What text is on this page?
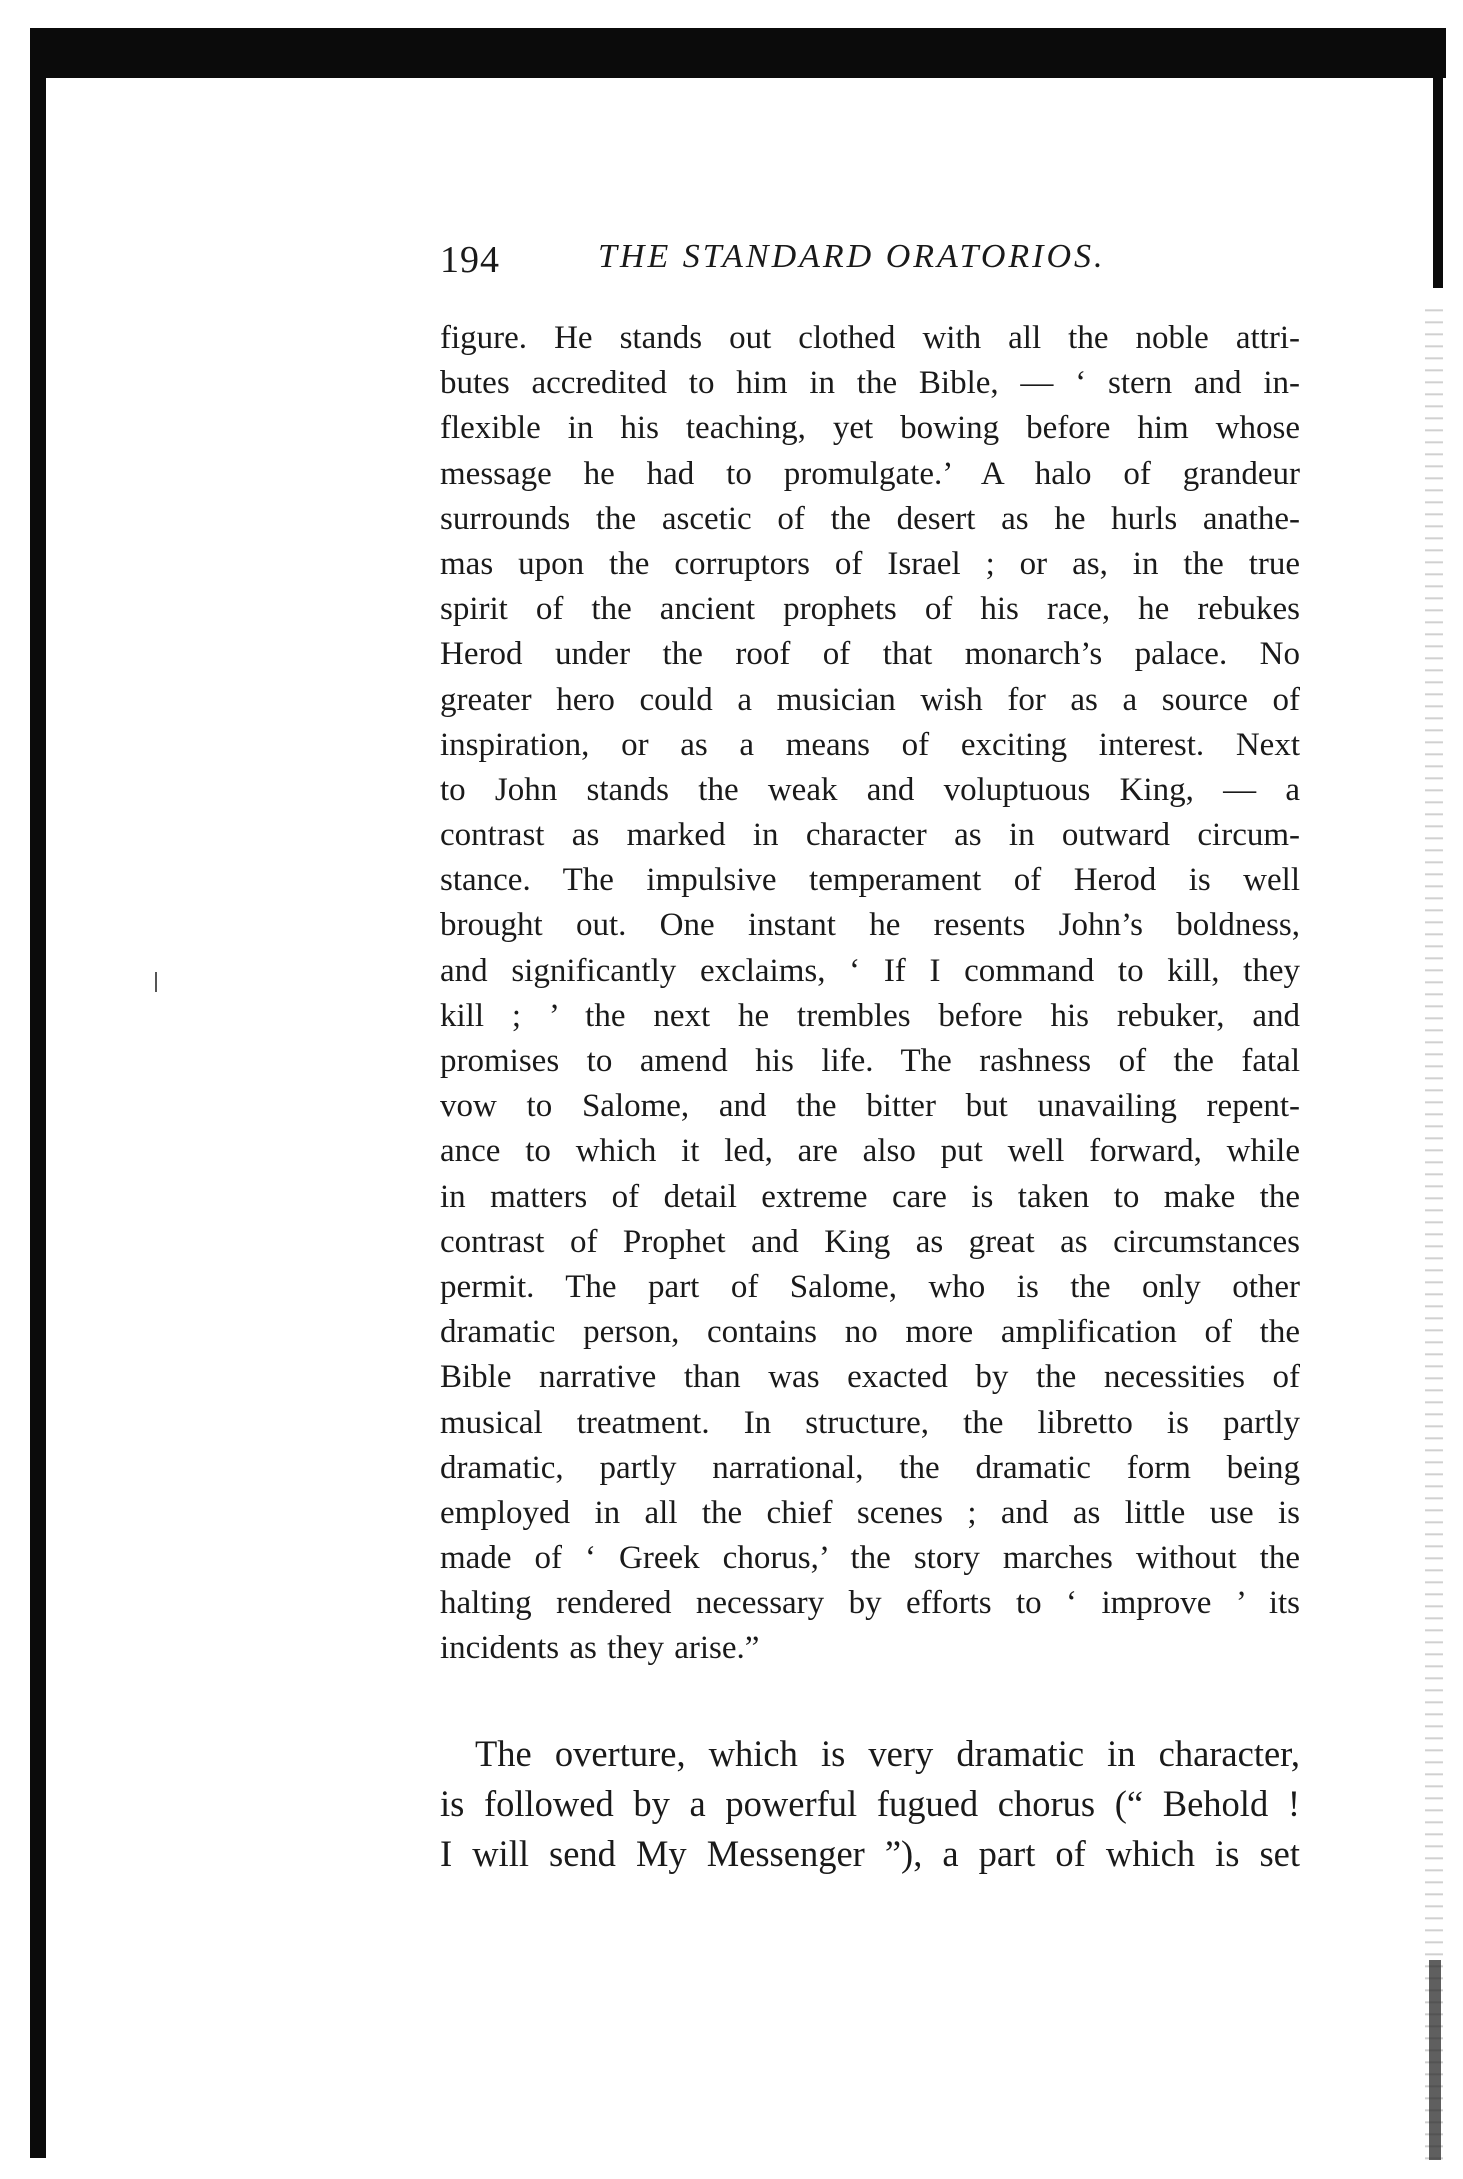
194	THE STANDARD ORATORIOS.
figure. He stands out clothed with all the noble attri-
butes accredited to him in the Bible, — ‘ stern and in-
flexible in his teaching, yet bowing before him whose
message he had to promulgate.’ A halo of grandeur
surrounds the ascetic of the desert as he hurls anathe-
mas upon the corruptors of Israel ; or as, in the true
spirit of the ancient prophets of his race, he rebukes
Herod under the roof of that monarch’s palace. No
greater hero could a musician wish for as a source of
inspiration, or as a means of exciting interest. Next
to John stands the weak and voluptuous King, — a
contrast as marked in character as in outward circum-
stance. The impulsive temperament of Herod is well
brought out. One instant he resents John’s boldness,
and significantly exclaims, ‘ If I command to kill, they
kill ; ’ the next he trembles before his rebuker, and
promises to amend his life. The rashness of the fatal
vow to Salome, and the bitter but unavailing repent-
ance to which it led, are also put well forward, while
in matters of detail extreme care is taken to make the
contrast of Prophet and King as great as circumstances
permit. The part of Salome, who is the only other
dramatic person, contains no more amplification of the
Bible narrative than was exacted by the necessities of
musical treatment. In structure, the libretto is partly
dramatic, partly narrational, the dramatic form being
employed in all the chief scenes ; and as little use is
made of ‘ Greek chorus,’ the story marches without the
halting rendered necessary by efforts to ‘ improve ’ its
incidents as they arise.”
The overture, which is very dramatic in character,
is followed by a powerful fugued chorus (“ Behold !
I will send My Messenger ”), a part of which is set
